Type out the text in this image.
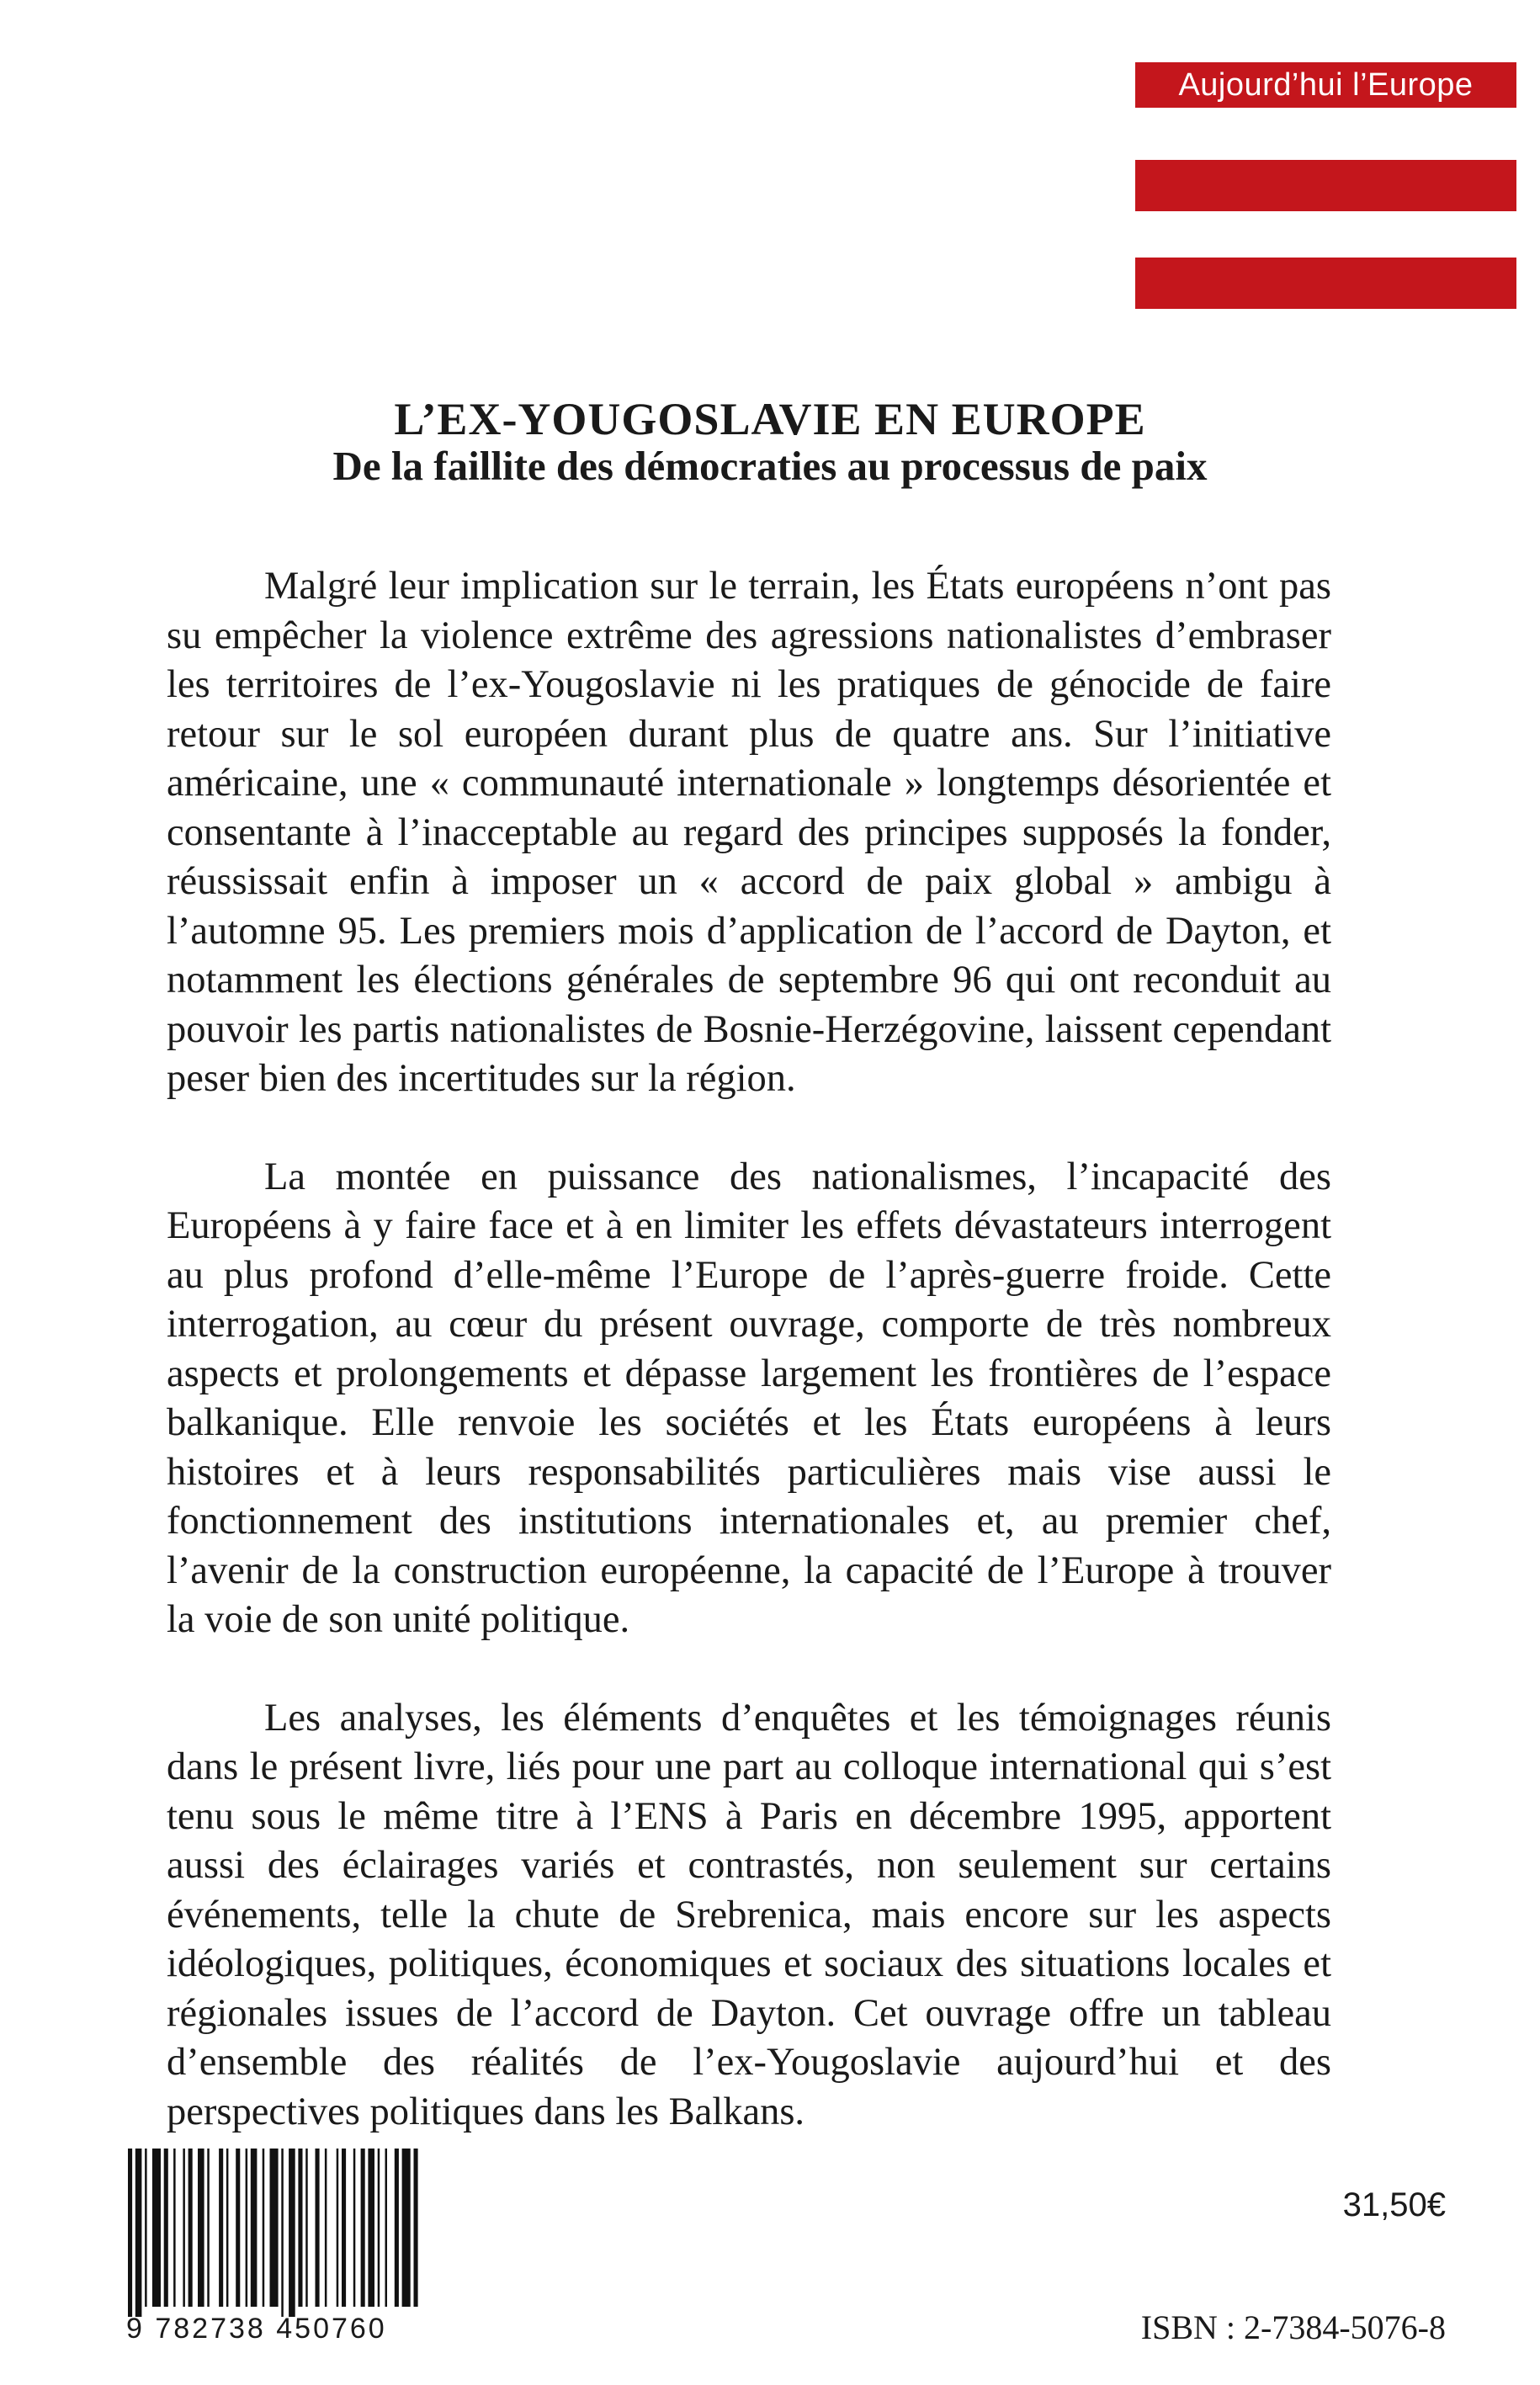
Aujourd’hui l’Europe
L’EX-YOUGOSLAVIE EN EUROPE
De la faillite des démocraties au processus de paix

Malgré leur implication sur le terrain, les États européens n’ont pas su empêcher la violence extrême des agressions nationalistes d’embraser les territoires de l’ex-Yougoslavie ni les pratiques de génocide de faire retour sur le sol européen durant plus de quatre ans. Sur l’initiative américaine, une « communauté internationale » longtemps désorientée et consentante à l’inacceptable au regard des principes supposés la fonder, réussissait enfin à imposer un « accord de paix global » ambigu à l’automne 95. Les premiers mois d’application de l’accord de Dayton, et notamment les élections générales de septembre 96 qui ont reconduit au pouvoir les partis nationalistes de Bosnie-Herzégovine, laissent cependant peser bien des incertitudes sur la région.

La montée en puissance des nationalismes, l’incapacité des Européens à y faire face et à en limiter les effets dévastateurs interrogent au plus profond d’elle-même l’Europe de l’après-guerre froide. Cette interrogation, au cœur du présent ouvrage, comporte de très nombreux aspects et prolongements et dépasse largement les frontières de l’espace balkanique. Elle renvoie les sociétés et les États européens à leurs histoires et à leurs responsabilités particulières mais vise aussi le fonctionnement des institutions internationales et, au premier chef, l’avenir de la construction européenne, la capacité de l’Europe à trouver la voie de son unité politique.

Les analyses, les éléments d’enquêtes et les témoignages réunis dans le présent livre, liés pour une part au colloque international qui s’est tenu sous le même titre à l’ENS à Paris en décembre 1995, apportent aussi des éclairages variés et contrastés, non seulement sur certains événements, telle la chute de Srebrenica, mais encore sur les aspects idéologiques, politiques, économiques et sociaux des situations locales et régionales issues de l’accord de Dayton. Cet ouvrage offre un tableau d’ensemble des réalités de l’ex-Yougoslavie aujourd’hui et des perspectives politiques dans les Balkans.

9 782738 450760
31,50€
ISBN : 2-7384-5076-8
